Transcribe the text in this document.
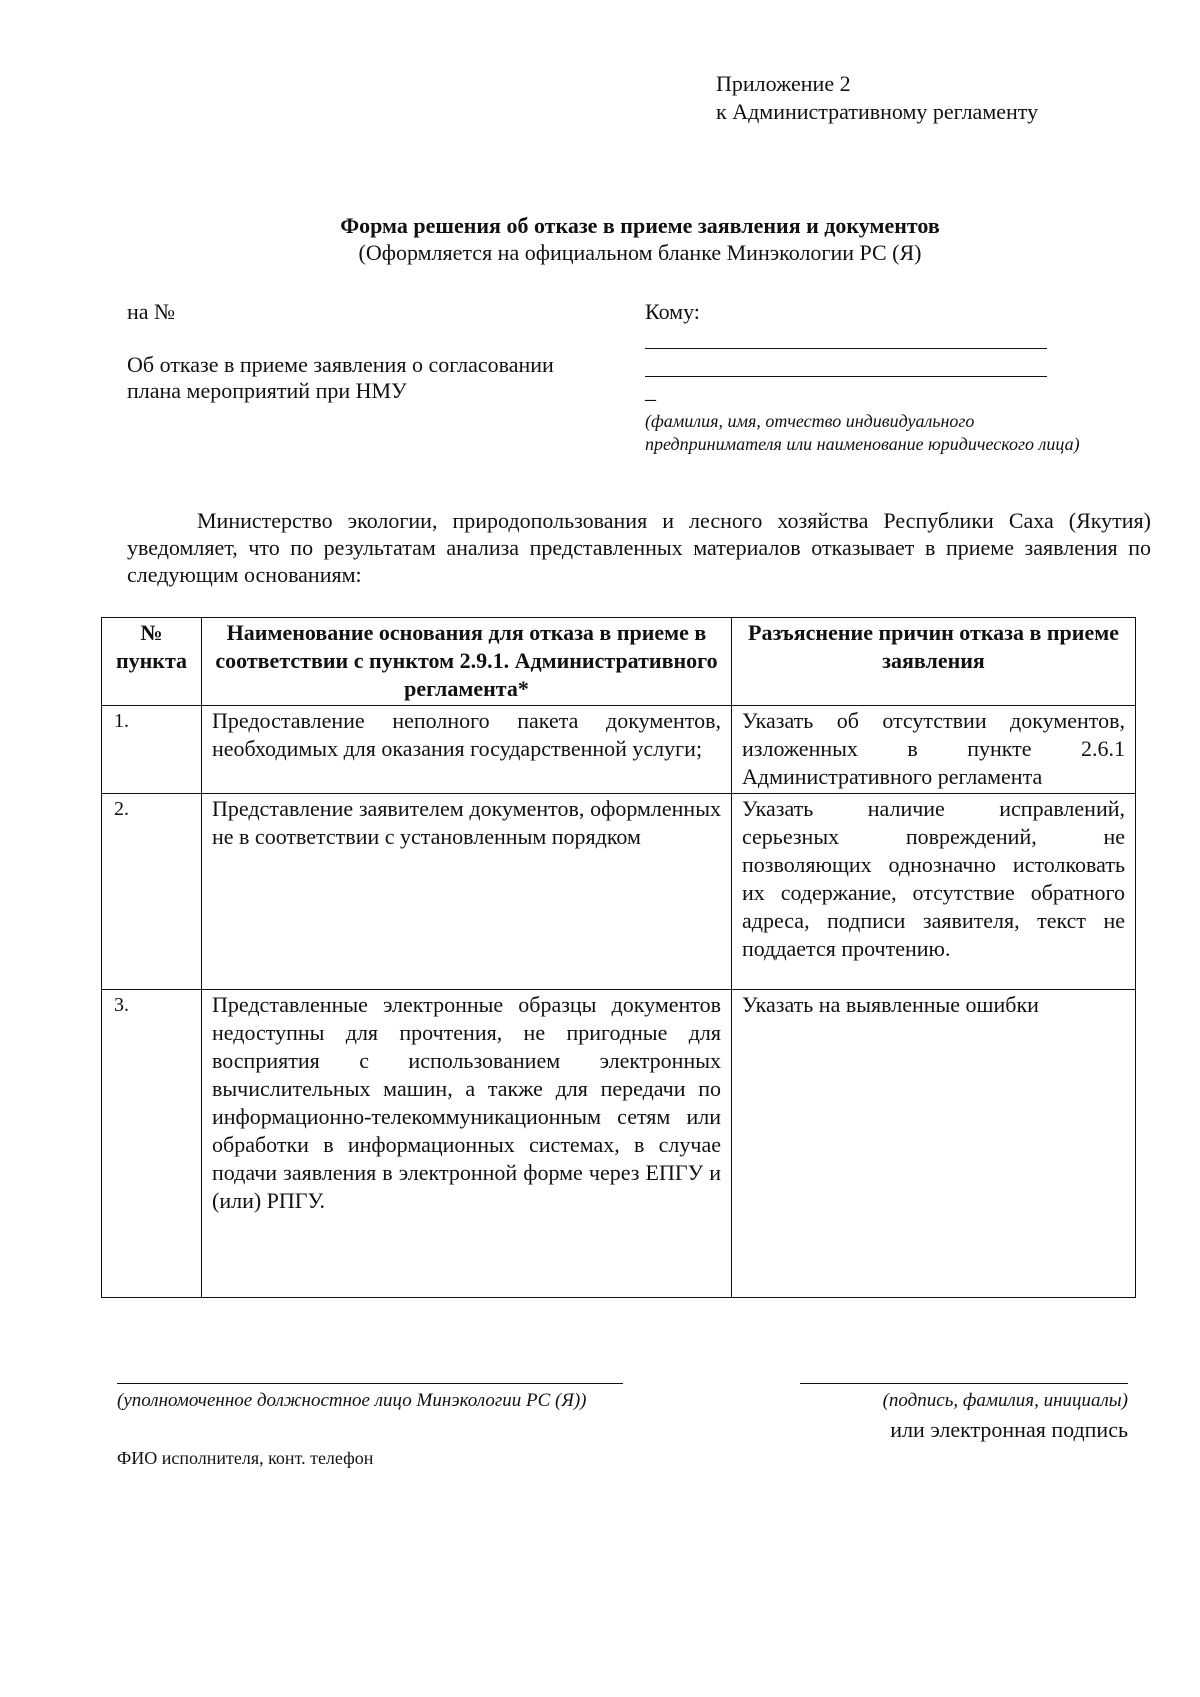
Приложение 2
к Административному регламенту
Форма решения об отказе в приеме заявления и документов
(Оформляется на официальном бланке Минэкологии РС (Я)
на №	Кому:
_
Об отказе в приеме заявления о согласовании
плана мероприятий при НМУ
(фамилия, имя, отчество индивидуального предпринимателя или наименование юридического лица)

Министерство экологии, природопользования и лесного хозяйства Республики Саха (Якутия) уведомляет, что по результатам анализа представленных материалов отказывает в приеме заявления по следующим основаниям:

№ пункта	Наименование основания для отказа в приеме в соответствии с пунктом 2.9.1. Административного регламента*	Разъяснение причин отказа в приеме заявления
1.	Предоставление неполного пакета документов, необходимых для оказания государственной услуги;	Указать об отсутствии документов, изложенных в пункте 2.6.1 Административного регламента
2.	Представление заявителем документов, оформленных не в соответствии с установленным порядком	Указать наличие исправлений, серьезных повреждений, не позволяющих однозначно истолковать их содержание, отсутствие обратного адреса, подписи заявителя, текст не поддается прочтению.
3.	Представленные электронные образцы документов недоступны для прочтения, не пригодные для восприятия с использованием электронных вычислительных машин, а также для передачи по информационно-телекоммуникационным сетям или обработки в информационных системах, в случае подачи заявления в электронной форме через ЕПГУ и (или) РПГУ.	Указать на выявленные ошибки
(уполномоченное должностное лицо Минэкологии РС (Я))	(подпись, фамилия, инициалы)
или электронная подпись
ФИО исполнителя, конт. телефон
